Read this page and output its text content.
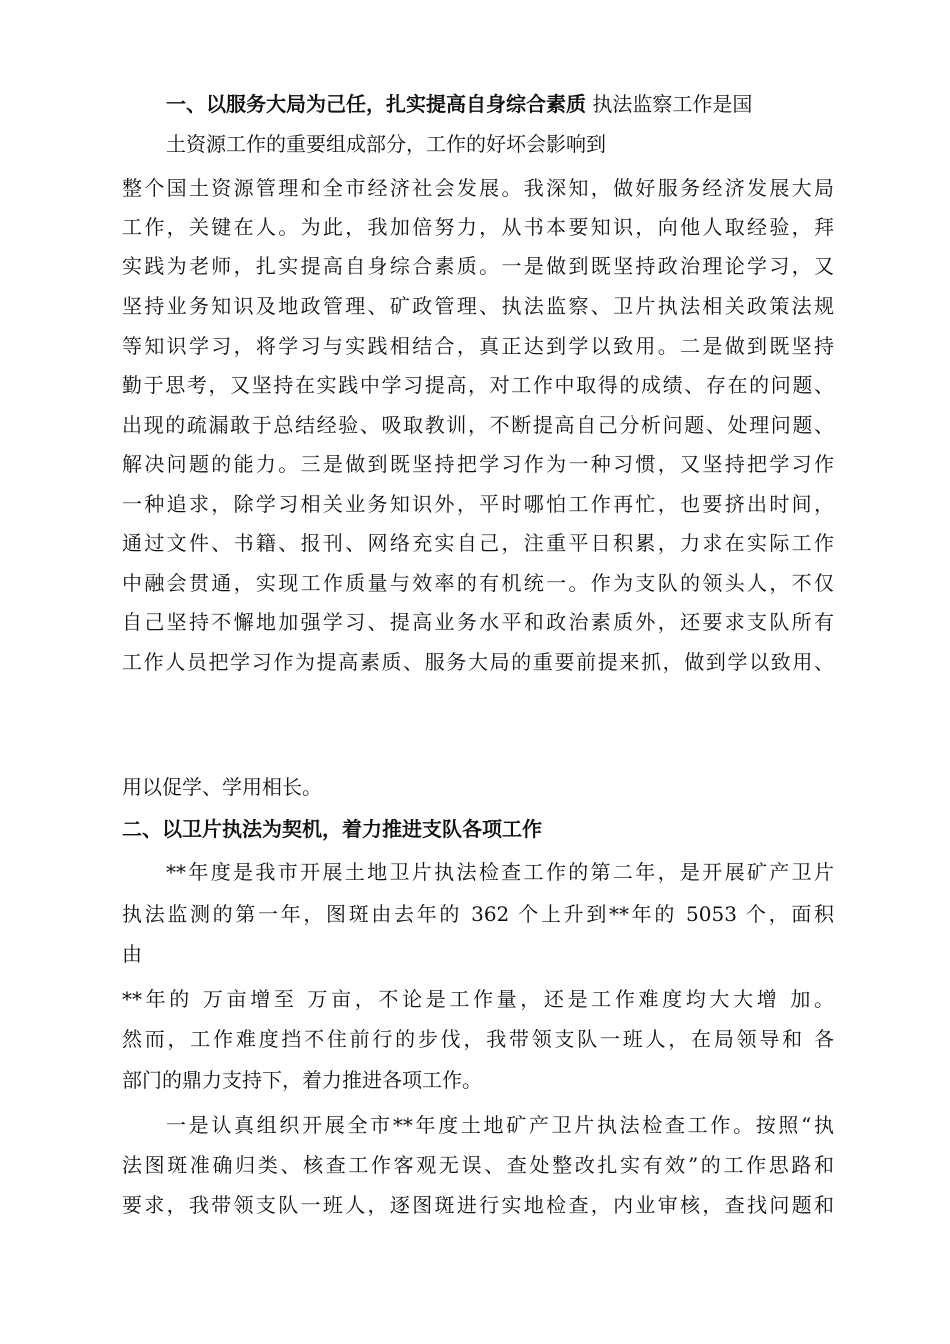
一、以服务大局为己任，扎实提高自身综合素质 执法监察工作是国
土资源工作的重要组成部分，工作的好坏会影响到
整个国土资源管理和全市经济社会发展。我深知，做好服务经济发展大局
工作，关键在人。为此，我加倍努力，从书本要知识，向他人取经验，拜
实践为老师，扎实提高自身综合素质。一是做到既坚持政治理论学习，又
坚持业务知识及地政管理、矿政管理、执法监察、卫片执法相关政策法规
等知识学习，将学习与实践相结合，真正达到学以致用。二是做到既坚持
勤于思考，又坚持在实践中学习提高，对工作中取得的成绩、存在的问题、
出现的疏漏敢于总结经验、吸取教训，不断提高自己分析问题、处理问题、
解决问题的能力。三是做到既坚持把学习作为一种习惯，又坚持把学习作
一种追求，除学习相关业务知识外，平时哪怕工作再忙，也要挤出时间，
通过文件、书籍、报刊、网络充实自己，注重平日积累，力求在实际工作
中融会贯通，实现工作质量与效率的有机统一。作为支队的领头人，不仅
自己坚持不懈地加强学习、提高业务水平和政治素质外，还要求支队所有
工作人员把学习作为提高素质、服务大局的重要前提来抓，做到学以致用、
用以促学、学用相长。
二、以卫片执法为契机，着力推进支队各项工作
**年度是我市开展土地卫片执法检查工作的第二年，是开展矿产卫片
执法监测的第一年，图斑由去年的 362 个上升到**年的 5053 个，面积
由
**年的 万亩增至 万亩，不论是工作量，还是工作难度均大大增 加。
然而，工作难度挡不住前行的步伐，我带领支队一班人，在局领导和 各
部门的鼎力支持下，着力推进各项工作。
一是认真组织开展全市**年度土地矿产卫片执法检查工作。按照“执
法图斑准确归类、核查工作客观无误、查处整改扎实有效”的工作思路和
要求，我带领支队一班人，逐图斑进行实地检查，内业审核，查找问题和
